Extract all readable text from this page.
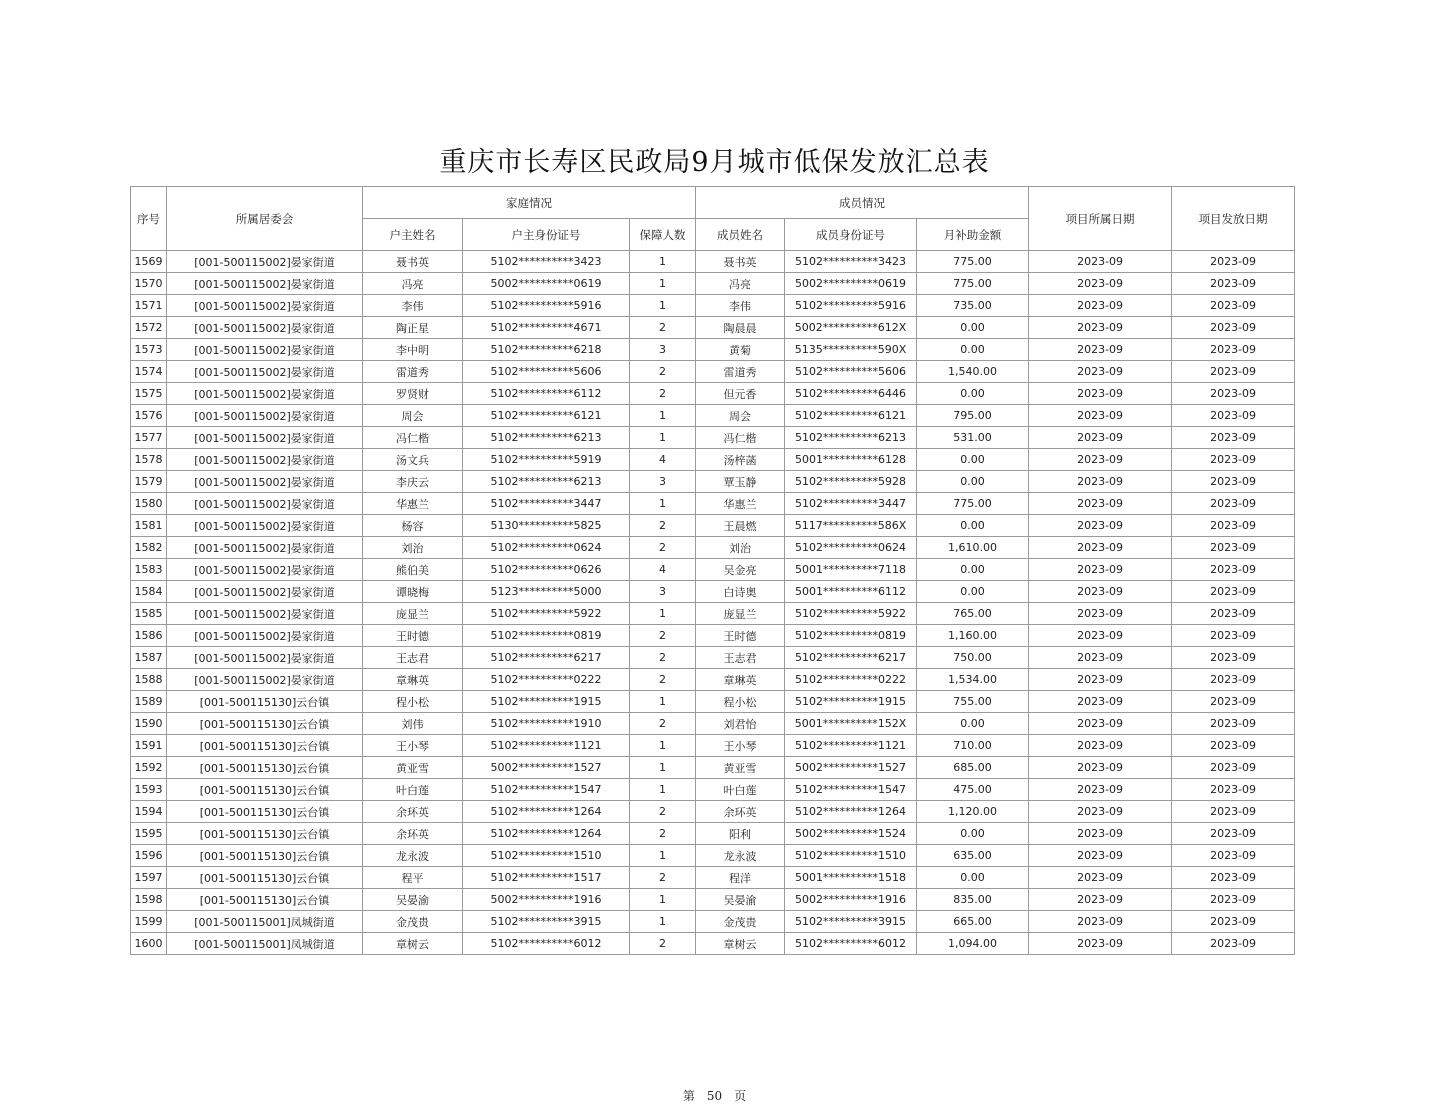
重庆市长寿区民政局9月城市低保发放汇总表
序号	所属居委会	家庭情况			成员情况			项目所属日期	项目发放日期
		户主姓名	户主身份证号	保障人数	成员姓名	成员身份证号	月补助金额		
1569	[001-500115002]晏家街道	聂书英	5102**********3423	1	聂书英	5102**********3423	775.00	2023-09	2023-09
1570	[001-500115002]晏家街道	冯亮	5002**********0619	1	冯亮	5002**********0619	775.00	2023-09	2023-09
1571	[001-500115002]晏家街道	李伟	5102**********5916	1	李伟	5102**********5916	735.00	2023-09	2023-09
1572	[001-500115002]晏家街道	陶正星	5102**********4671	2	陶晨晨	5002**********612X	0.00	2023-09	2023-09
1573	[001-500115002]晏家街道	李中明	5102**********6218	3	黄菊	5135**********590X	0.00	2023-09	2023-09
1574	[001-500115002]晏家街道	雷道秀	5102**********5606	2	雷道秀	5102**********5606	1,540.00	2023-09	2023-09
1575	[001-500115002]晏家街道	罗贤财	5102**********6112	2	但元香	5102**********6446	0.00	2023-09	2023-09
1576	[001-500115002]晏家街道	周会	5102**********6121	1	周会	5102**********6121	795.00	2023-09	2023-09
1577	[001-500115002]晏家街道	冯仁楷	5102**********6213	1	冯仁楷	5102**********6213	531.00	2023-09	2023-09
1578	[001-500115002]晏家街道	汤文兵	5102**********5919	4	汤梓菡	5001**********6128	0.00	2023-09	2023-09
1579	[001-500115002]晏家街道	李庆云	5102**********6213	3	覃玉静	5102**********5928	0.00	2023-09	2023-09
1580	[001-500115002]晏家街道	华惠兰	5102**********3447	1	华惠兰	5102**********3447	775.00	2023-09	2023-09
1581	[001-500115002]晏家街道	杨容	5130**********5825	2	王晨燃	5117**********586X	0.00	2023-09	2023-09
1582	[001-500115002]晏家街道	刘治	5102**********0624	2	刘治	5102**********0624	1,610.00	2023-09	2023-09
1583	[001-500115002]晏家街道	熊伯美	5102**********0626	4	吴金亮	5001**********7118	0.00	2023-09	2023-09
1584	[001-500115002]晏家街道	谭晓梅	5123**********5000	3	白诗奥	5001**********6112	0.00	2023-09	2023-09
1585	[001-500115002]晏家街道	庞显兰	5102**********5922	1	庞显兰	5102**********5922	765.00	2023-09	2023-09
1586	[001-500115002]晏家街道	王时德	5102**********0819	2	王时德	5102**********0819	1,160.00	2023-09	2023-09
1587	[001-500115002]晏家街道	王志君	5102**********6217	2	王志君	5102**********6217	750.00	2023-09	2023-09
1588	[001-500115002]晏家街道	章琳英	5102**********0222	2	章琳英	5102**********0222	1,534.00	2023-09	2023-09
1589	[001-500115130]云台镇	程小松	5102**********1915	1	程小松	5102**********1915	755.00	2023-09	2023-09
1590	[001-500115130]云台镇	刘伟	5102**********1910	2	刘君怡	5001**********152X	0.00	2023-09	2023-09
1591	[001-500115130]云台镇	王小琴	5102**********1121	1	王小琴	5102**********1121	710.00	2023-09	2023-09
1592	[001-500115130]云台镇	黄亚雪	5002**********1527	1	黄亚雪	5002**********1527	685.00	2023-09	2023-09
1593	[001-500115130]云台镇	叶白莲	5102**********1547	1	叶白莲	5102**********1547	475.00	2023-09	2023-09
1594	[001-500115130]云台镇	余环英	5102**********1264	2	余环英	5102**********1264	1,120.00	2023-09	2023-09
1595	[001-500115130]云台镇	余环英	5102**********1264	2	阳利	5002**********1524	0.00	2023-09	2023-09
1596	[001-500115130]云台镇	龙永波	5102**********1510	1	龙永波	5102**********1510	635.00	2023-09	2023-09
1597	[001-500115130]云台镇	程平	5102**********1517	2	程洋	5001**********1518	0.00	2023-09	2023-09
1598	[001-500115130]云台镇	吴晏渝	5002**********1916	1	吴晏渝	5002**********1916	835.00	2023-09	2023-09
1599	[001-500115001]凤城街道	金茂贵	5102**********3915	1	金茂贵	5102**********3915	665.00	2023-09	2023-09
1600	[001-500115001]凤城街道	章树云	5102**********6012	2	章树云	5102**********6012	1,094.00	2023-09	2023-09
第 50 页
